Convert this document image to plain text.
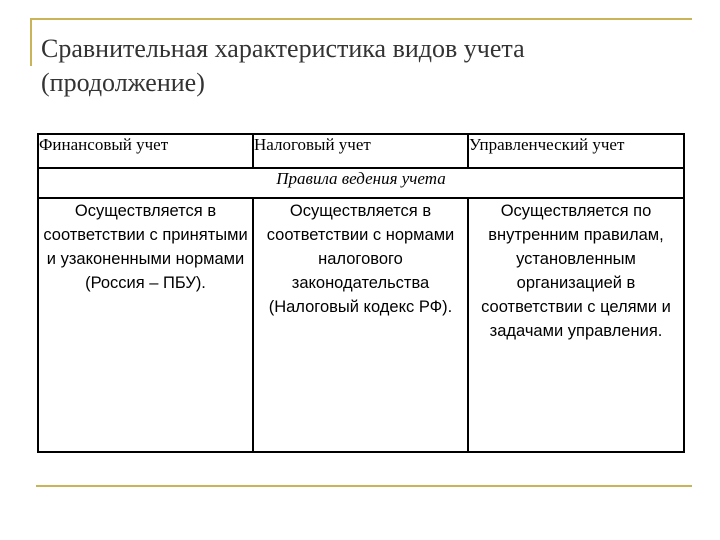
Сравнительная характеристика видов учета (продолжение)
Финансовый учет	Налоговый учет	Управленческий учет
Правила ведения учета		
Осуществляется в соответствии с принятыми и узаконенными нормами (Россия – ПБУ).	Осуществляется в соответствии с нормами налогового законодательства (Налоговый кодекс РФ).	Осуществляется по внутренним правилам, установленным организацией в соответствии с целями и задачами управления.
